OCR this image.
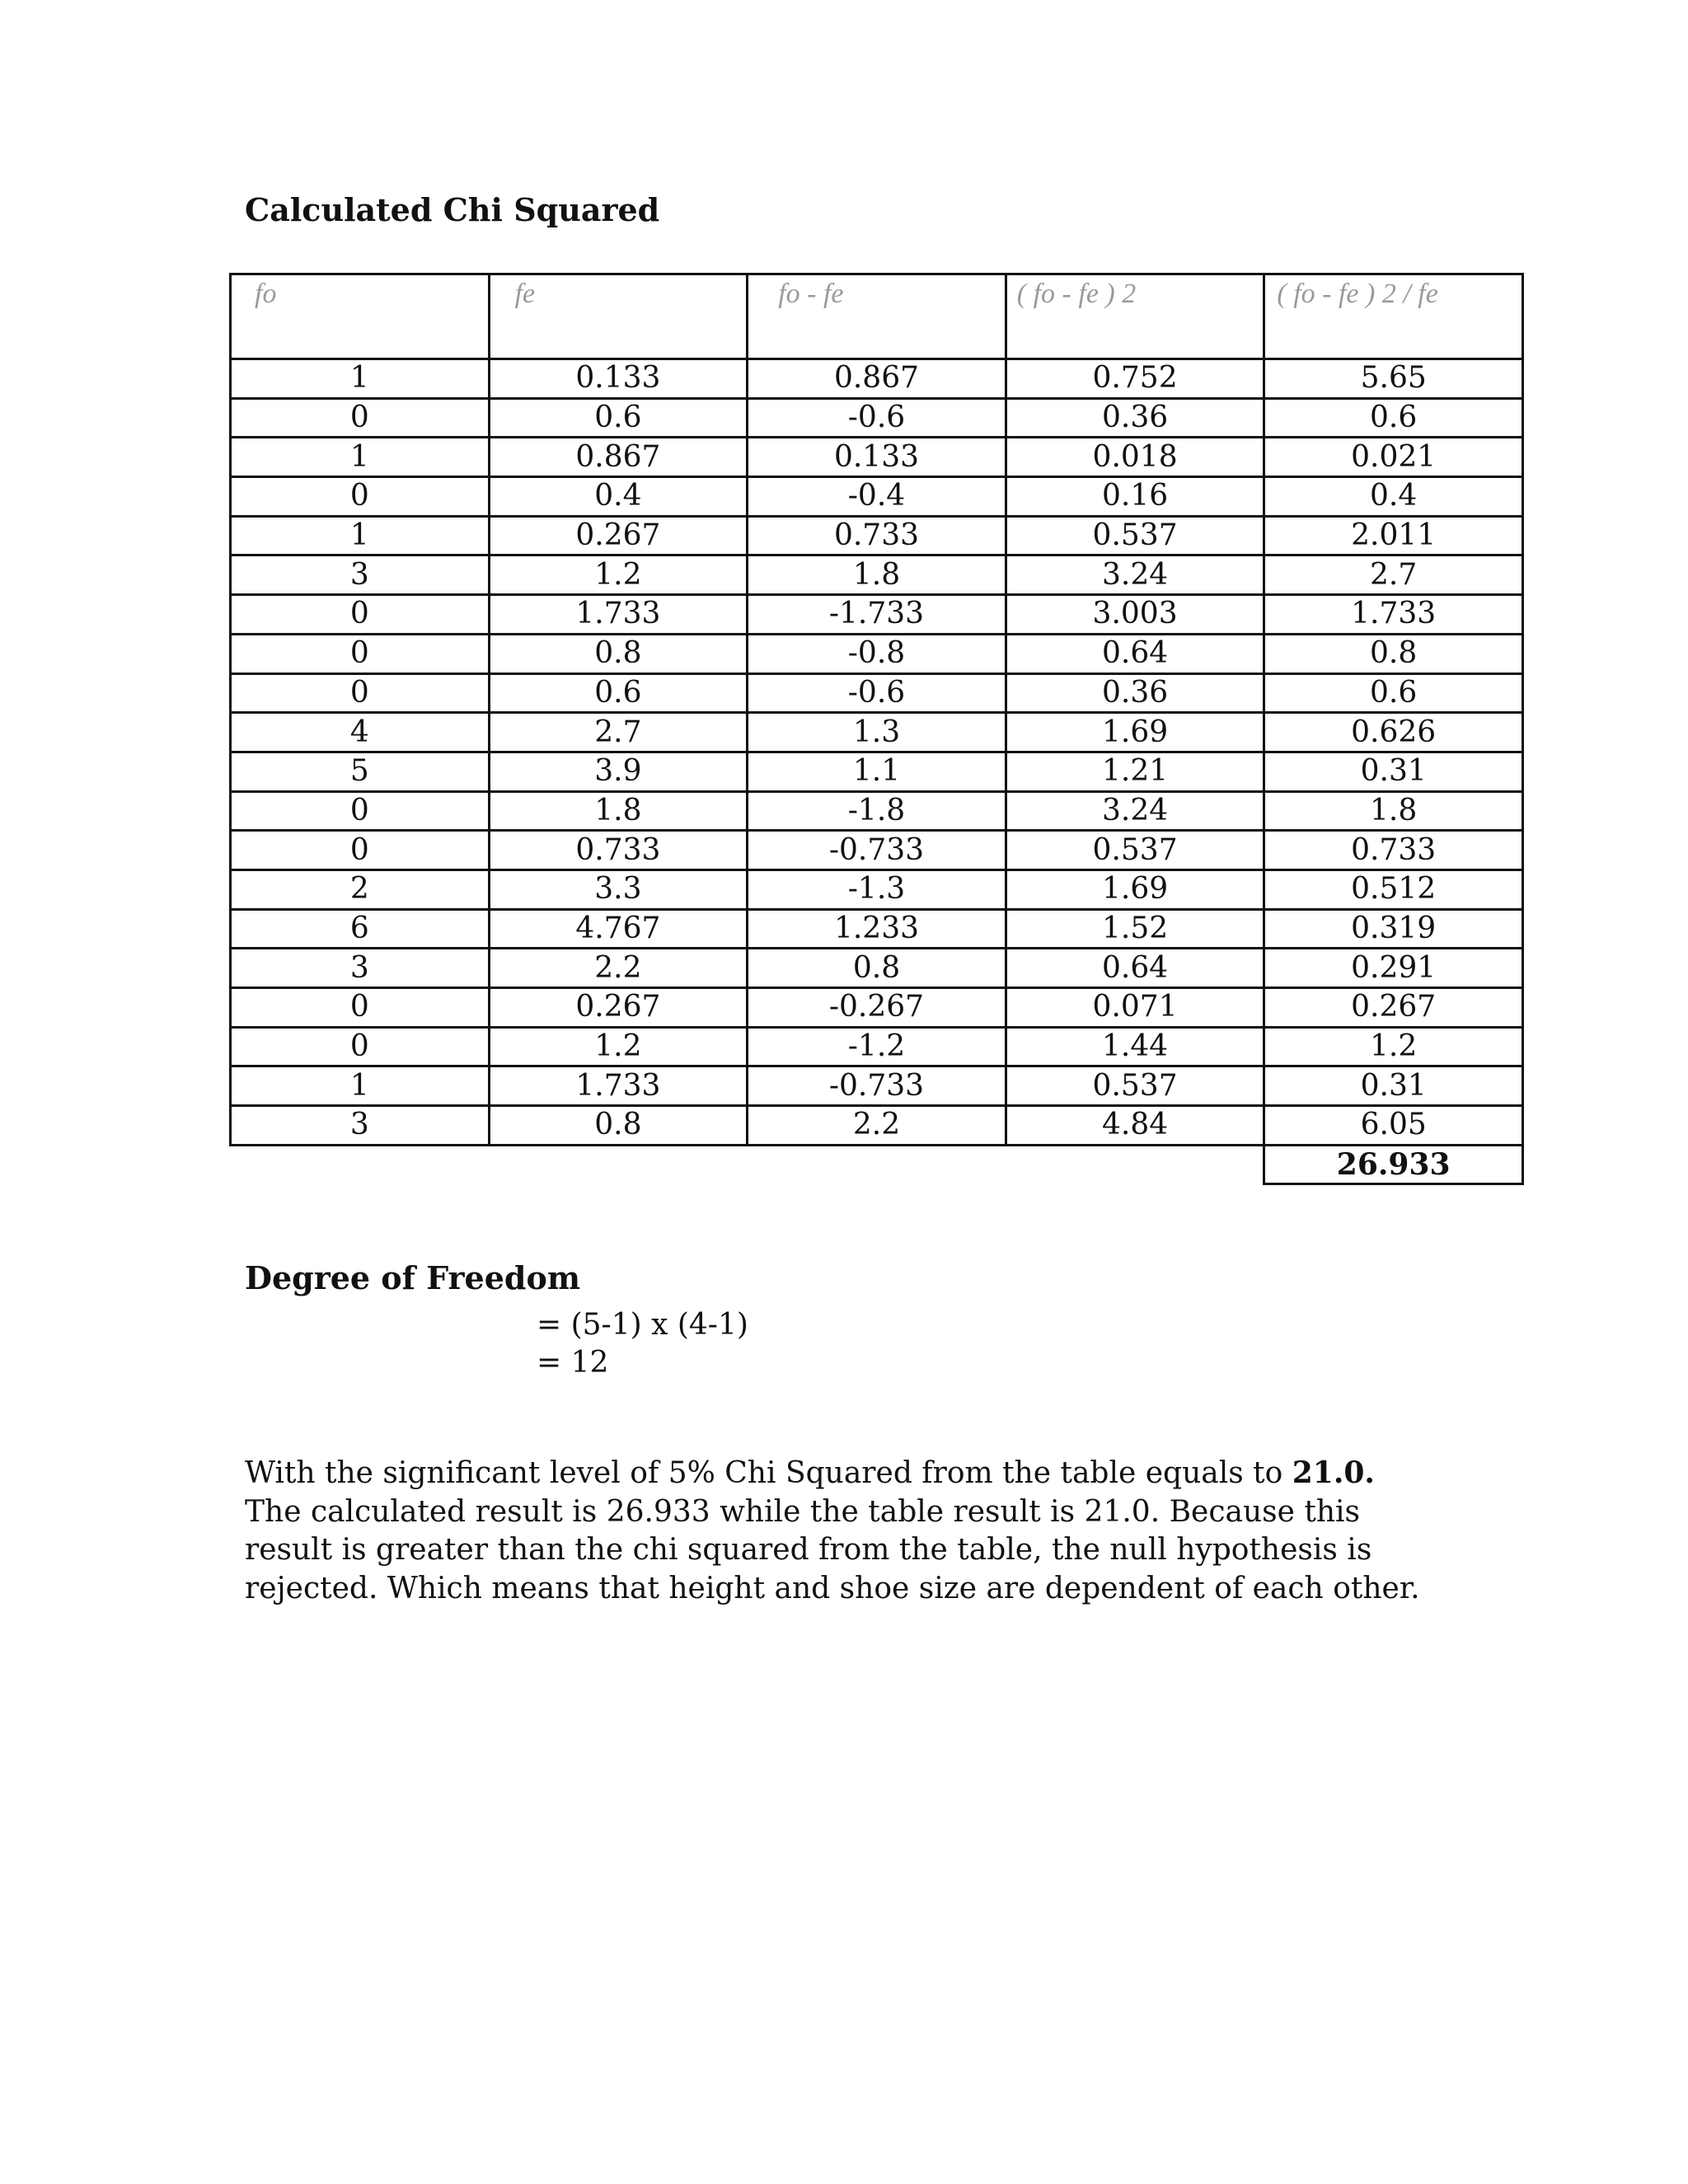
Calculated Chi Squared
fo	fe	fo - fe	( fo - fe ) 2	( fo - fe ) 2 / fe
1	0.133	0.867	0.752	5.65
0	0.6	-0.6	0.36	0.6
1	0.867	0.133	0.018	0.021
0	0.4	-0.4	0.16	0.4
1	0.267	0.733	0.537	2.011
3	1.2	1.8	3.24	2.7
0	1.733	-1.733	3.003	1.733
0	0.8	-0.8	0.64	0.8
0	0.6	-0.6	0.36	0.6
4	2.7	1.3	1.69	0.626
5	3.9	1.1	1.21	0.31
0	1.8	-1.8	3.24	1.8
0	0.733	-0.733	0.537	0.733
2	3.3	-1.3	1.69	0.512
6	4.767	1.233	1.52	0.319
3	2.2	0.8	0.64	0.291
0	0.267	-0.267	0.071	0.267
0	1.2	-1.2	1.44	1.2
1	1.733	-0.733	0.537	0.31
3	0.8	2.2	4.84	6.05
				26.933
Degree of Freedom

= (5-1) x (4-1)

= 12

With the significant level of 5% Chi Squared from the table equals to 21.0. The calculated result is 26.933 while the table result is 21.0. Because this result is greater than the chi squared from the table, the null hypothesis is rejected. Which means that height and shoe size are dependent of each other.
